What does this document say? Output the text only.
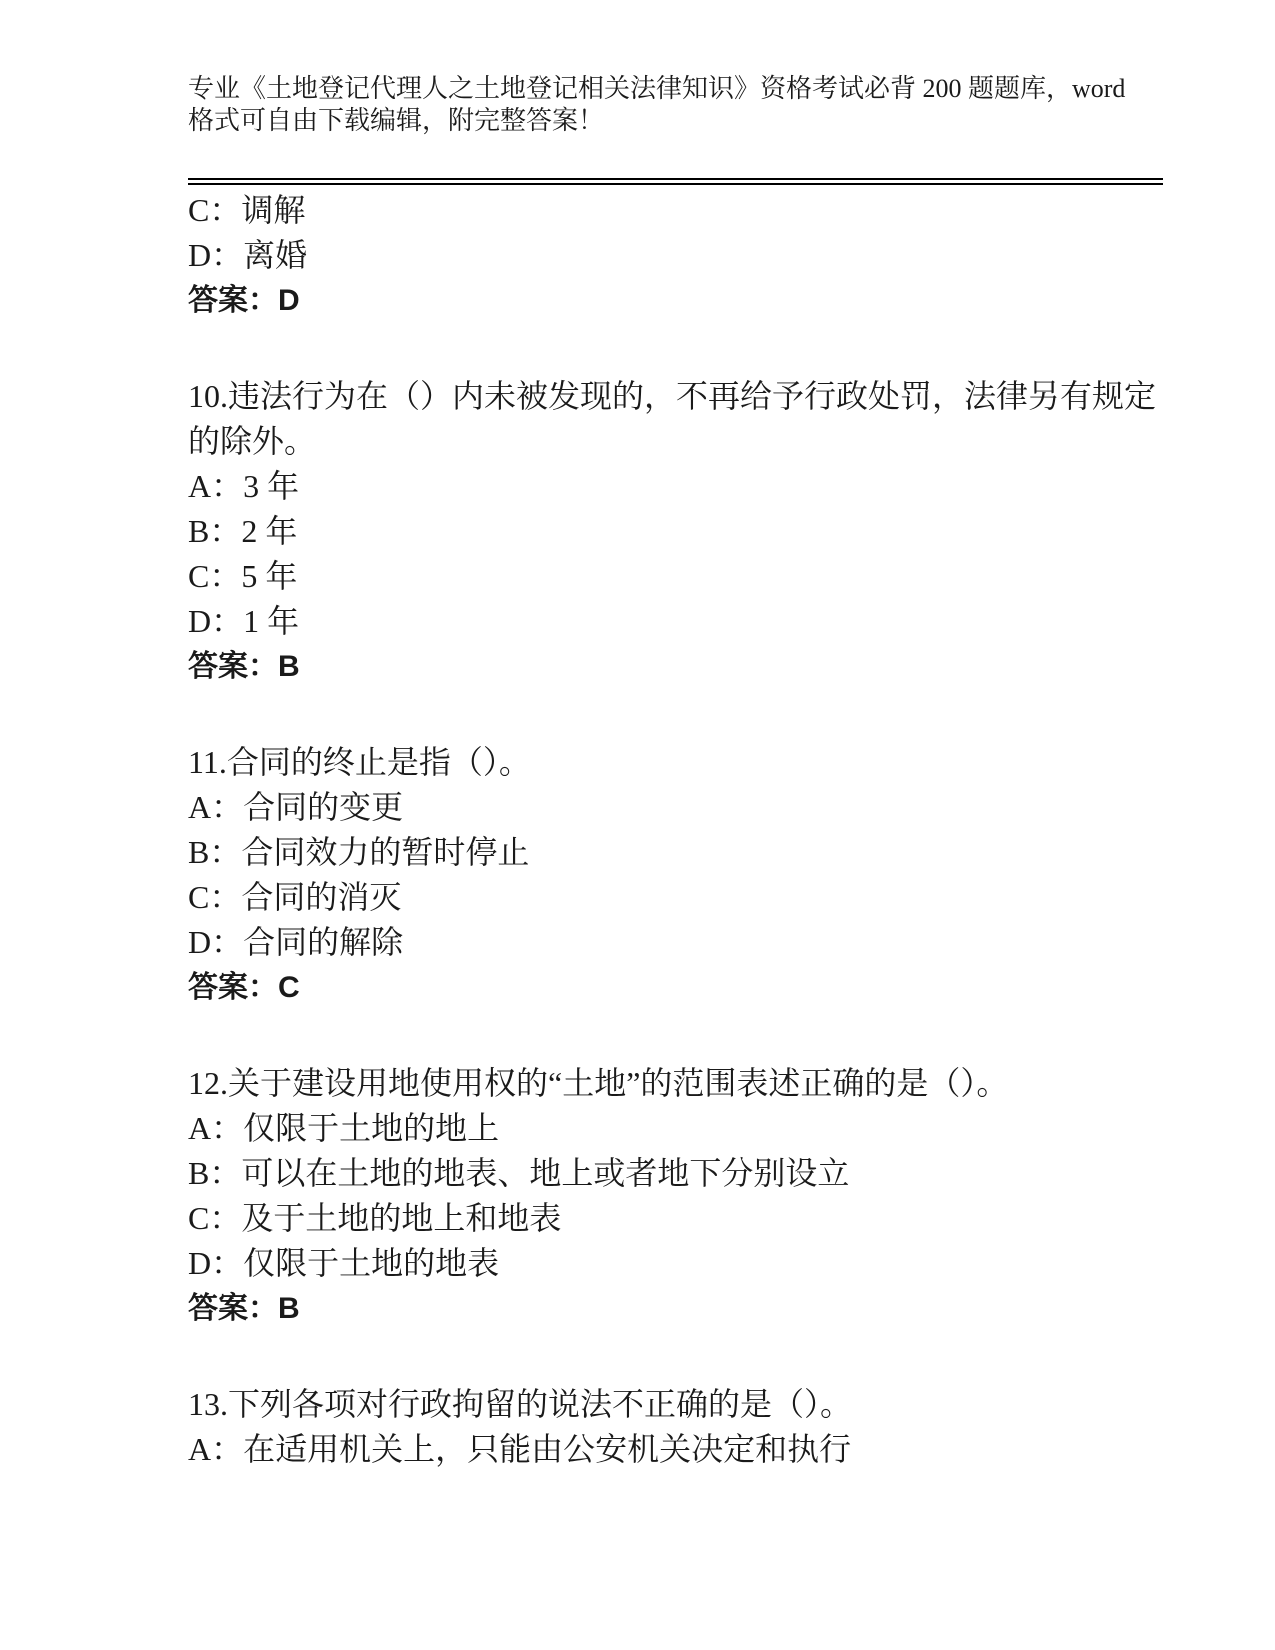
专业《土地登记代理人之土地登记相关法律知识》资格考试必背 200 题题库，word
格式可自由下载编辑，附完整答案！
C：调解
D：离婚
答案：D
10.违法行为在（）内未被发现的，不再给予行政处罚，法律另有规定
的除外。
A：3 年
B：2 年
C：5 年
D：1 年
答案：B
11.合同的终止是指（）。
A：合同的变更
B：合同效力的暂时停止
C：合同的消灭
D：合同的解除
答案：C
12.关于建设用地使用权的“土地”的范围表述正确的是（）。
A：仅限于土地的地上
B：可以在土地的地表、地上或者地下分别设立
C：及于土地的地上和地表
D：仅限于土地的地表
答案：B
13.下列各项对行政拘留的说法不正确的是（）。
A：在适用机关上，只能由公安机关决定和执行
